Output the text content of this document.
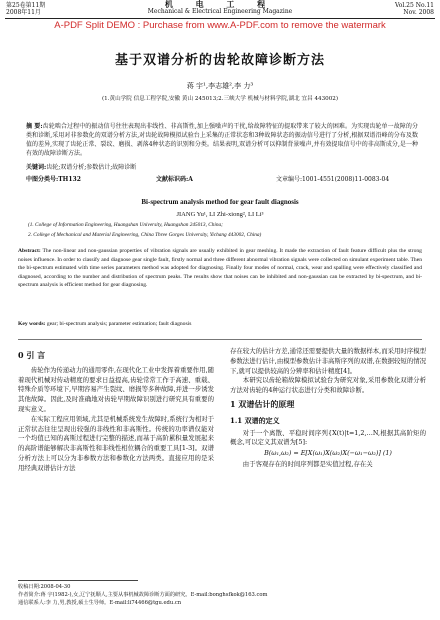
第25卷第11期
2008年11月
机 电 工 程
Mechanical & Electrical Engineering Magazine
Vol.25 No.11
Nov. 2008
A-PDF Split DEMO : Purchase from www.A-PDF.com to remove the watermark
基于双谱分析的齿轮故障诊断方法
蒋 宇¹,李志雄²,李 力³
(1.黄山学院 信息工程学院,安徽 黄山 245013;2.三峡大学 机械与材料学院,湖北 宜昌 443002)
摘 要:齿轮啮合过程中的振动信号往往表现出非线性、非高斯性,加上强噪声的干扰,给故障特征的提取带来了较大的困难。为实现齿轮单一故障的分类和诊断,采用对非参数化的双谱分析方法,对齿轮故障模拟试验台上采集的正常状态和3种故障状态的振动信号进行了分析,根据双谱沿峰的分布及数值的差异,实现了齿轮正常、裂纹、磨损、剥落4种状态的识别和分类。结果表明,双谱分析可以抑制背景噪声,并有效提取信号中的非高斯成分,是一种有效的故障诊断方法。
关键词:齿轮;双谱分析;参数估计;故障诊断
中图分类号:TH132	文献标识码:A	文章编号:1001-4551(2008)11-0083-04
Bi-spectrum analysis method for gear fault diagnosis
JIANG Yu¹, LI Zhi-xiong², LI Li³
(1. College of Information Engineering, Huangshan University, Huangshan 245013, China;
2. College of Mechanical and Material Engineering, China Three Gorges University, Yichang 443002, China)
Abstract: The non-linear and non-gaussian properties of vibration signals are usually exhibited in gear meshing. It made the extraction of fault feature difficult plus the strong noises influence. In order to classify and diagnose gear single fault, firstly normal and three different abnormal vibration signals were collected on simulant experiment table. Then the bi-spectrum estimated with time series parameters method was adopted for diagnosing. Finally four modes of normal, crack, wear and spalling were effectively classified and diagnosed, according to the number and distribution of spectrum peaks. The results show that noises can be inhibited and non-gaussian can be extracted by bi-spectrum, and bi-spectrum analysis is efficient method for gear diagnosing.
Key words: gear; bi-spectrum analysis; parameter estimation; fault diagnosis
0 引 言

齿轮作为传递动力的通用零件,在现代化工业中发挥着重要作用,随着现代机械对传动精度的要求日益提高,齿轮常常工作于高速、重载、特殊介质等环境下,早期容易产生裂纹、磨损等多种故障,并进一步诱发其他故障。因此,及时准确地对齿轮早期故障识别进行研究具有重要的现实意义。

在实际工程应用领域,尤其是机械系统发生故障时,系统行为相对于正常状态往往呈现出较强的非线性和非高斯性。传统的功率谱仅能对一个均值已知的高斯过程进行完整的描述,而基于高阶累积量发展起来的高阶谱能够解决非高斯性和非线性相位耦合的重要工具[1-3]。双谱分析方法上可以分为非参数方法和参数化方法两类。直接应用的是采用经典双谱估计方法

存在较大的估计方差,通常还需要提供大量的数据样本,而采用时序模型参数法进行估计,由模型参数估计非高斯序列的双谱,在数据较短的情况下,就可以提供较高的分辨率和估计精度[4]。

本研究以齿轮箱故障模拟试验台为研究对象,采用参数化双谱分析方法对齿轮的4种运行状态进行分类和故障诊断。

1 双谱估计的原理
1.1 双谱的定义

对于一个离散、平稳时间序列{X(t)|t=1,2,…N,根据其高阶矩的概念,可以定义其双谱为[5]:

B(ω₁,ω₂) = E[X(ω₁)X(ω₂)X(−ω₁−ω₂)] (1)

由于客观存在的时间序列都是实值过程,存在关

收稿日期:2008-04-30
作者简介:蒋 宇(1982-),女,辽宁抚顺人,主要从事机械故障诊断方面的研究。E-mail:bonghsfkok@163.com
通信联系人:李 力,男,教授,硕士生导师。E-mail:li74466@tgu.edu.cn
